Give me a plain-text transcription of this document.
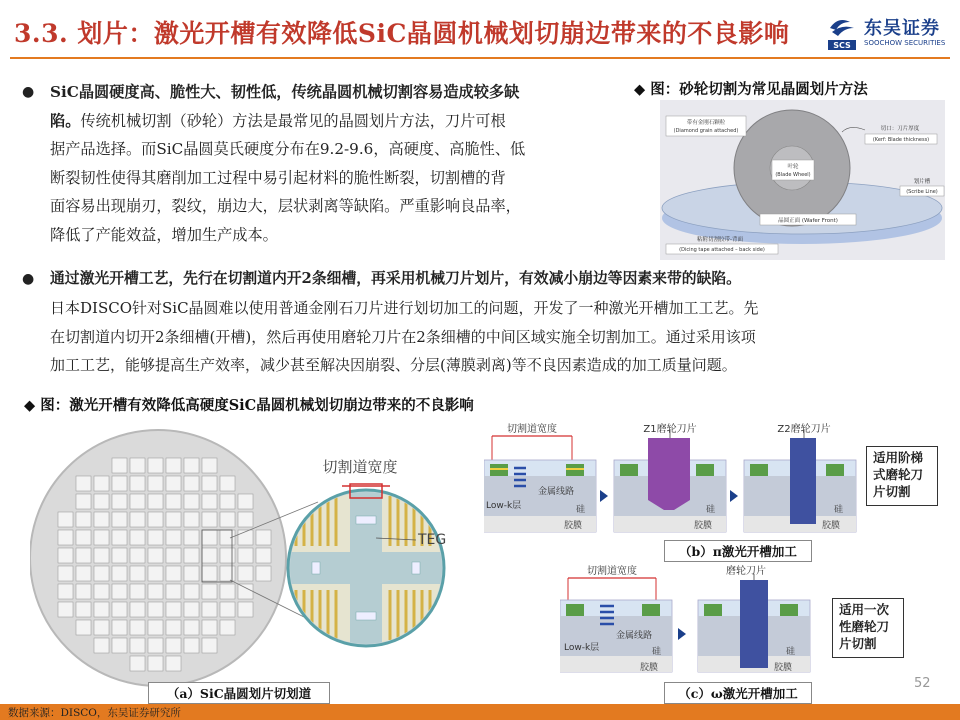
3.3. 划片：激光开槽有效降低SiC晶圆机械划切崩边带来的不良影响	SCS
东吴证券
SOOCHOW SECURITIES
● SiC晶圆硬度高、脆性大、韧性低，传统晶圆机械切割容易造成较多缺
陷。传统机械切割（砂轮）方法是最常见的晶圆划片方法，刀片可根
据产品选择。而SiC晶圆莫氏硬度分布在9.2-9.6，高硬度、高脆性、低
断裂韧性使得其磨削加工过程中易引起材料的脆性断裂，切割槽的背
面容易出现崩刃，裂纹，崩边大，层状剥离等缺陷。严重影响良品率，
降低了产能效益，增加生产成本。
◆ 图：砂轮切割为常见晶圆划片方法
叶轮
(Blade Wheel)
带有金刚石颗粒
(Diamond grain attached)	切口：刀片厚度
(Kerf: Blade thickness)
划片槽
(Scribe Line)
晶圆正面 (Wafer Front)
粘附切割胶带-背面
(Dicing tape attached – back side)
● 通过激光开槽工艺，先行在切割道内开2条细槽，再采用机械刀片划片，有效减小崩边等因素来带的缺陷。
日本DISCO针对SiC晶圆难以使用普通金刚石刀片进行划切加工的问题，开发了一种激光开槽加工工艺。先
在切割道内切开2条细槽(开槽)，然后再使用磨轮刀片在2条细槽的中间区域实施全切割加工。通过采用该项
加工工艺，能够提高生产效率，减少甚至解决因崩裂、分层(薄膜剥离)等不良因素造成的加工质量问题。
◆ 图：激光开槽有效降低高硬度SiC晶圆机械划切崩边带来的不良影响
切割道宽度
TEG
（a）SiC晶圆划片切划道
切割道宽度
Low-k层
金属线路
硅
胶膜
Z1磨轮刀片
硅
胶膜
Z2磨轮刀片
硅
胶膜
适用阶梯式磨轮刀片切割
（b）π激光开槽加工
切割道宽度
Low-k层
金属线路
硅
胶膜
磨轮刀片
硅
胶膜
适用一次性磨轮刀片切割
（c）ω激光开槽加工
52
数据来源：DISCO，东吴证券研究所
